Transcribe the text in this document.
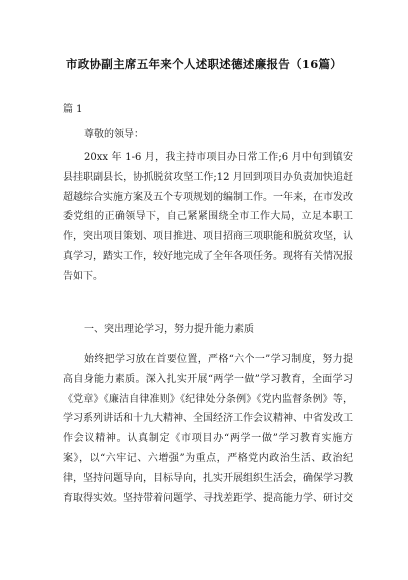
市政协副主席五年来个人述职述德述廉报告（16篇）
篇 1
尊敬的领导：

20xx 年 1-6 月，我主持市项目办日常工作;6 月中旬到镇安县挂职副县长，协抓脱贫攻坚工作;12 月回到项目办负责加快追赶超越综合实施方案及五个专项规划的编制工作。一年来，在市发改委党组的正确领导下，自己紧紧围绕全市工作大局，立足本职工作，突出项目策划、项目推进、项目招商三项职能和脱贫攻坚，认真学习，踏实工作，较好地完成了全年各项任务。现将有关情况报告如下。

一、突出理论学习，努力提升能力素质

始终把学习放在首要位置，严格“六个一”学习制度，努力提高自身能力素质。深入扎实开展“两学一做”学习教育，全面学习《党章》《廉洁自律准则》《纪律处分条例》《党内监督条例》等，学习系列讲话和十九大精神、全国经济工作会议精神、中省发改工作会议精神。认真制定《市项目办“两学一做”学习教育实施方案》，以“六牢记、六增强”为重点，严格党内政治生活、政治纪律，坚持问题导向，目标导向，扎实开展组织生活会，确保学习教育取得实效。坚持带着问题学、寻找差距学、提高能力学、研讨交
